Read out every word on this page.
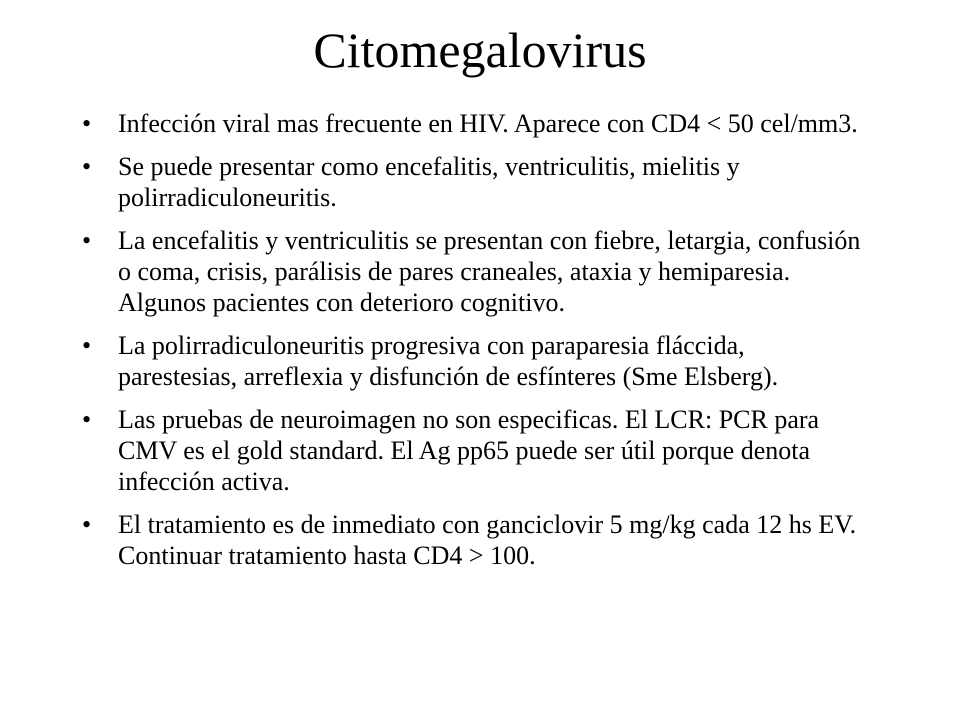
Citomegalovirus
• Infección viral mas frecuente en HIV. Aparece con CD4 < 50 cel/mm3.
• Se puede presentar como encefalitis, ventriculitis, mielitis y polirradiculoneuritis.
• La encefalitis y ventriculitis se presentan con fiebre, letargia, confusión o coma, crisis, parálisis de pares craneales, ataxia y hemiparesia. Algunos pacientes con deterioro cognitivo.
• La polirradiculoneuritis progresiva con paraparesia fláccida, parestesias, arreflexia y disfunción de esfínteres (Sme Elsberg).
• Las pruebas de neuroimagen no son especificas. El LCR: PCR para CMV es el gold standard. El Ag pp65 puede ser útil porque denota infección activa.
• El tratamiento es de inmediato con ganciclovir 5 mg/kg cada 12 hs EV. Continuar tratamiento hasta CD4 > 100.
